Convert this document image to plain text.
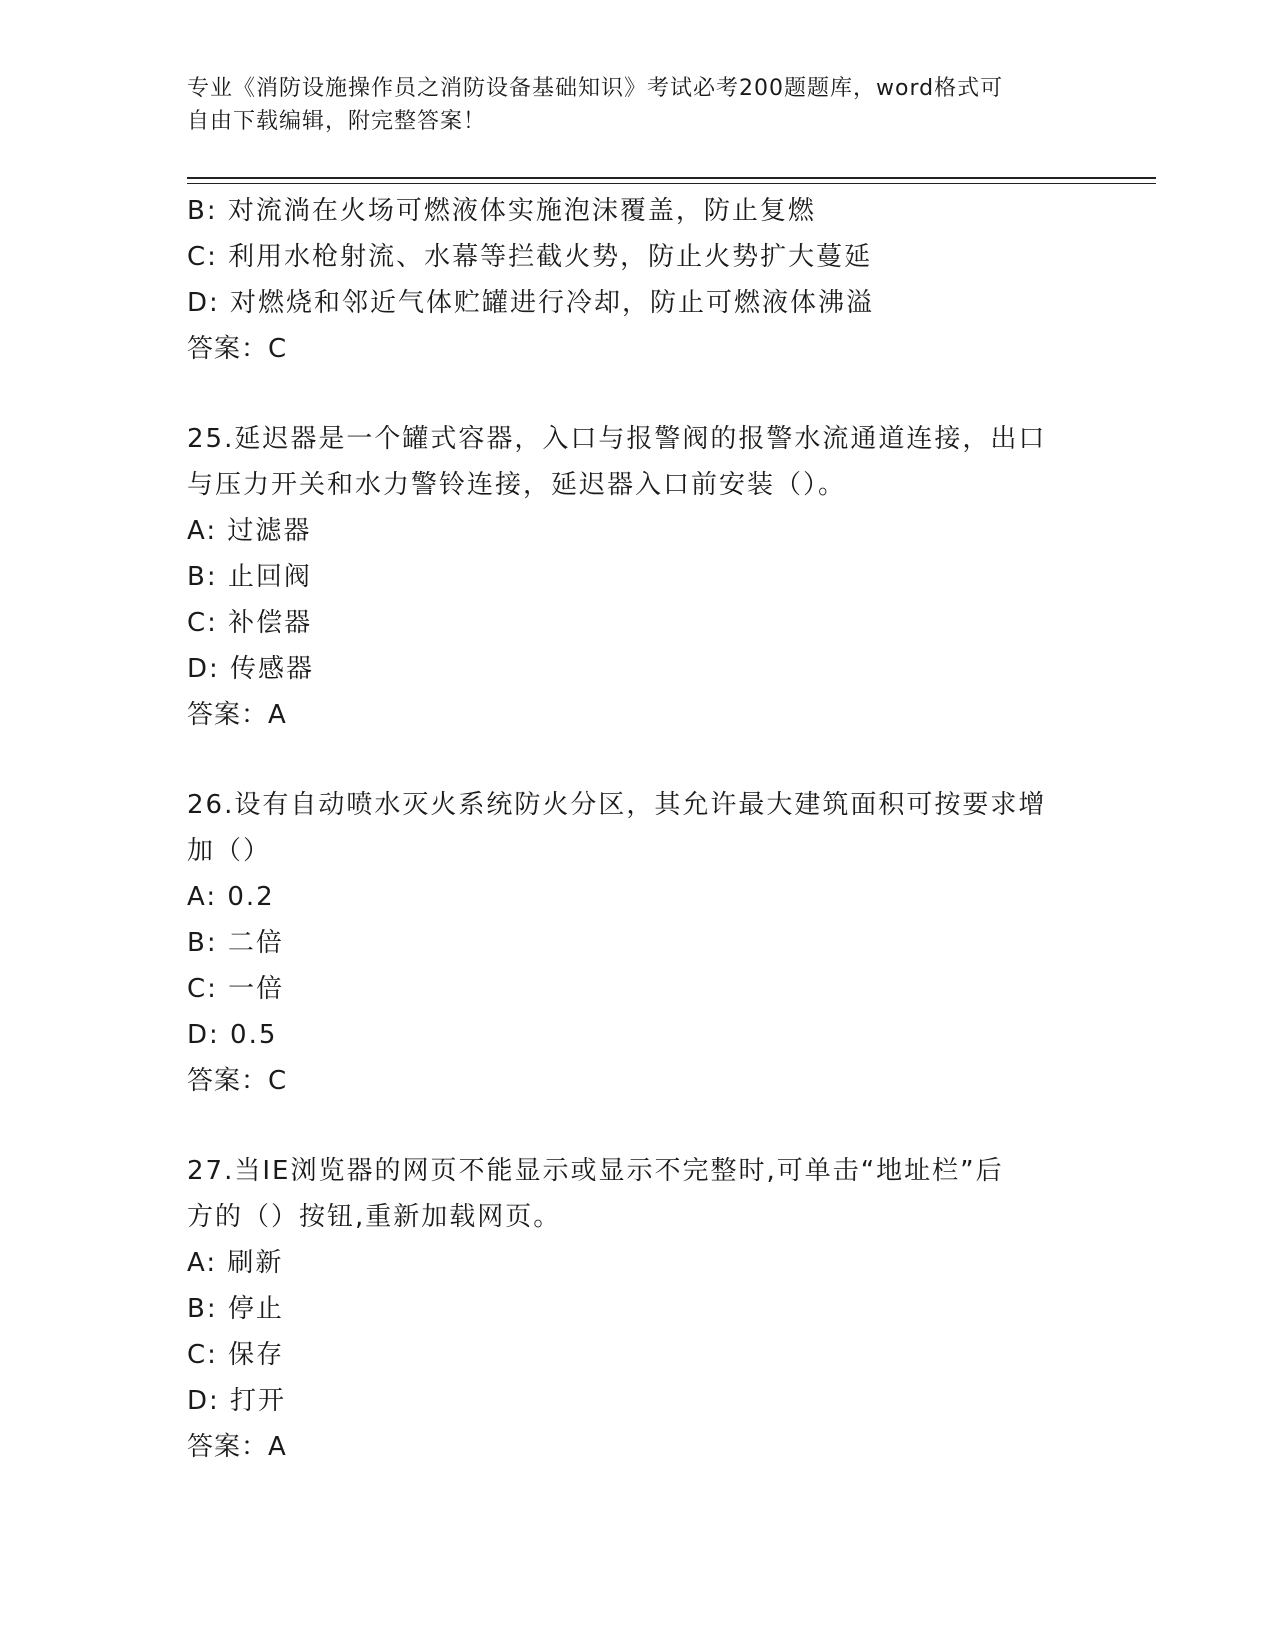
专业《消防设施操作员之消防设备基础知识》考试必考200题题库，word格式可
自由下载编辑，附完整答案！
B: 对流淌在火场可燃液体实施泡沫覆盖，防止复燃
C: 利用水枪射流、水幕等拦截火势，防止火势扩大蔓延
D: 对燃烧和邻近气体贮罐进行冷却，防止可燃液体沸溢
答案：C
25.延迟器是一个罐式容器，入口与报警阀的报警水流通道连接，出口
与压力开关和水力警铃连接，延迟器入口前安装（）。
A: 过滤器
B: 止回阀
C: 补偿器
D: 传感器
答案：A
26.设有自动喷水灭火系统防火分区，其允许最大建筑面积可按要求增
加（）
A: 0.2
B: 二倍
C: 一倍
D: 0.5
答案：C
27.当IE浏览器的网页不能显示或显示不完整时,可单击“地址栏”后
方的（）按钮,重新加载网页。
A: 刷新
B: 停止
C: 保存
D: 打开
答案：A
